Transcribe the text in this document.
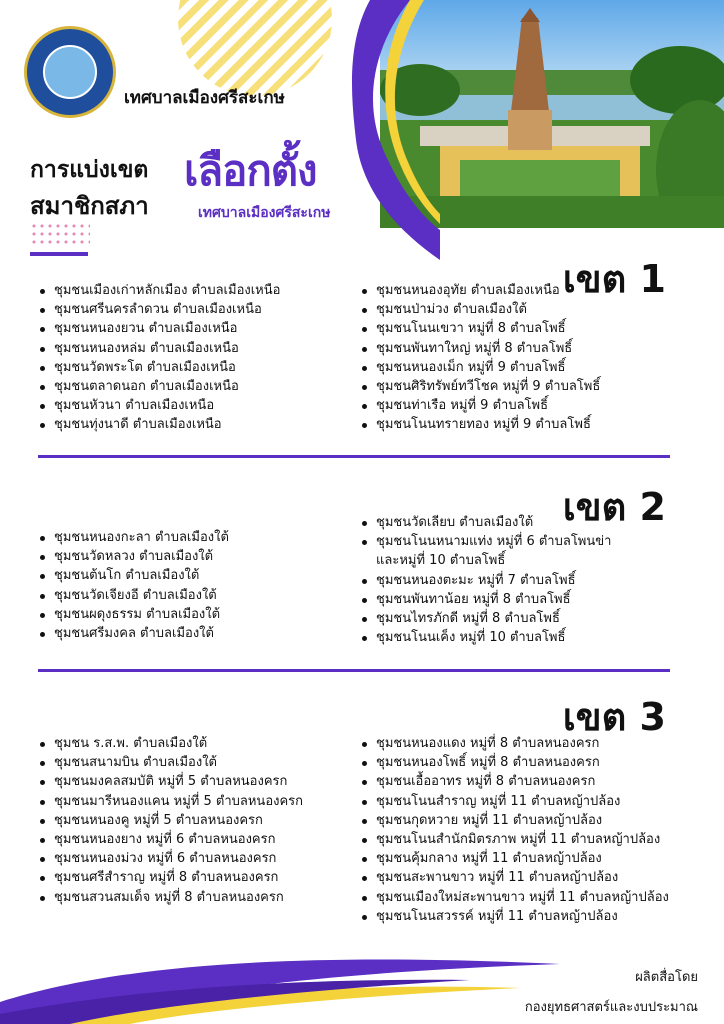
เทศบาลเมืองศรีสะเกษ
การแบ่งเขต เลือกตั้ง
สมาชิกสภา	เทศบาลเมืองศรีสะเกษ
เขต 1
ชุมชนเมืองเก่าหลักเมือง ตำบลเมืองเหนือ
ชุมชนศรีนครลำดวน ตำบลเมืองเหนือ
ชุมชนหนองยวน ตำบลเมืองเหนือ
ชุมชนหนองหล่ม ตำบลเมืองเหนือ
ชุมชนวัดพระโต ตำบลเมืองเหนือ
ชุมชนตลาดนอก ตำบลเมืองเหนือ
ชุมชนหัวนา ตำบลเมืองเหนือ
ชุมชนทุ่งนาดี ตำบลเมืองเหนือ
ชุมชนหนองอุทัย ตำบลเมืองเหนือ
ชุมชนป่าม่วง ตำบลเมืองใต้
ชุมชนโนนเขวา หมู่ที่ 8 ตำบลโพธิ์
ชุมชนพันทาใหญ่ หมู่ที่ 8 ตำบลโพธิ์
ชุมชนหนองเม็ก หมู่ที่ 9 ตำบลโพธิ์
ชุมชนศิริทรัพย์ทวีโชค หมู่ที่ 9 ตำบลโพธิ์
ชุมชนท่าเรือ หมู่ที่ 9 ตำบลโพธิ์
ชุมชนโนนทรายทอง หมู่ที่ 9 ตำบลโพธิ์
เขต 2
ชุมชนหนองกะลา ตำบลเมืองใต้
ชุมชนวัดหลวง ตำบลเมืองใต้
ชุมชนต้นโก ตำบลเมืองใต้
ชุมชนวัดเจียงอี ตำบลเมืองใต้
ชุมชนผดุงธรรม ตำบลเมืองใต้
ชุมชนศรีมงคล ตำบลเมืองใต้
ชุมชนวัดเลียบ ตำบลเมืองใต้
ชุมชนโนนหนามแท่ง หมู่ที่ 6 ตำบลโพนข่า
และหมู่ที่ 10 ตำบลโพธิ์
ชุมชนหนองตะมะ หมู่ที่ 7 ตำบลโพธิ์
ชุมชนพันทาน้อย หมู่ที่ 8 ตำบลโพธิ์
ชุมชนไทรภักดี หมู่ที่ 8 ตำบลโพธิ์
ชุมชนโนนเค็ง หมู่ที่ 10 ตำบลโพธิ์
เขต 3
ชุมชน ร.ส.พ. ตำบลเมืองใต้
ชุมชนสนามบิน ตำบลเมืองใต้
ชุมชนมงคลสมบัติ หมู่ที่ 5 ตำบลหนองครก
ชุมชนมารีหนองแคน หมู่ที่ 5 ตำบลหนองครก
ชุมชนหนองคู หมู่ที่ 5 ตำบลหนองครก
ชุมชนหนองยาง หมู่ที่ 6 ตำบลหนองครก
ชุมชนหนองม่วง หมู่ที่ 6 ตำบลหนองครก
ชุมชนศรีสำราญ หมู่ที่ 8 ตำบลหนองครก
ชุมชนสวนสมเด็จ หมู่ที่ 8 ตำบลหนองครก
ชุมชนหนองแดง หมู่ที่ 8 ตำบลหนองครก
ชุมชนหนองโพธิ์ หมู่ที่ 8 ตำบลหนองครก
ชุมชนเอื้ออาทร หมู่ที่ 8 ตำบลหนองครก
ชุมชนโนนสำราญ หมู่ที่ 11 ตำบลหญ้าปล้อง
ชุมชนกุดหวาย หมู่ที่ 11 ตำบลหญ้าปล้อง
ชุมชนโนนสำนักมิตรภาพ หมู่ที่ 11 ตำบลหญ้าปล้อง
ชุมชนคุ้มกลาง หมู่ที่ 11 ตำบลหญ้าปล้อง
ชุมชนสะพานขาว หมู่ที่ 11 ตำบลหญ้าปล้อง
ชุมชนเมืองใหม่สะพานขาว หมู่ที่ 11 ตำบลหญ้าปล้อง
ชุมชนโนนสวรรค์ หมู่ที่ 11 ตำบลหญ้าปล้อง
ผลิตสื่อโดย
กองยุทธศาสตร์และงบประมาณ
